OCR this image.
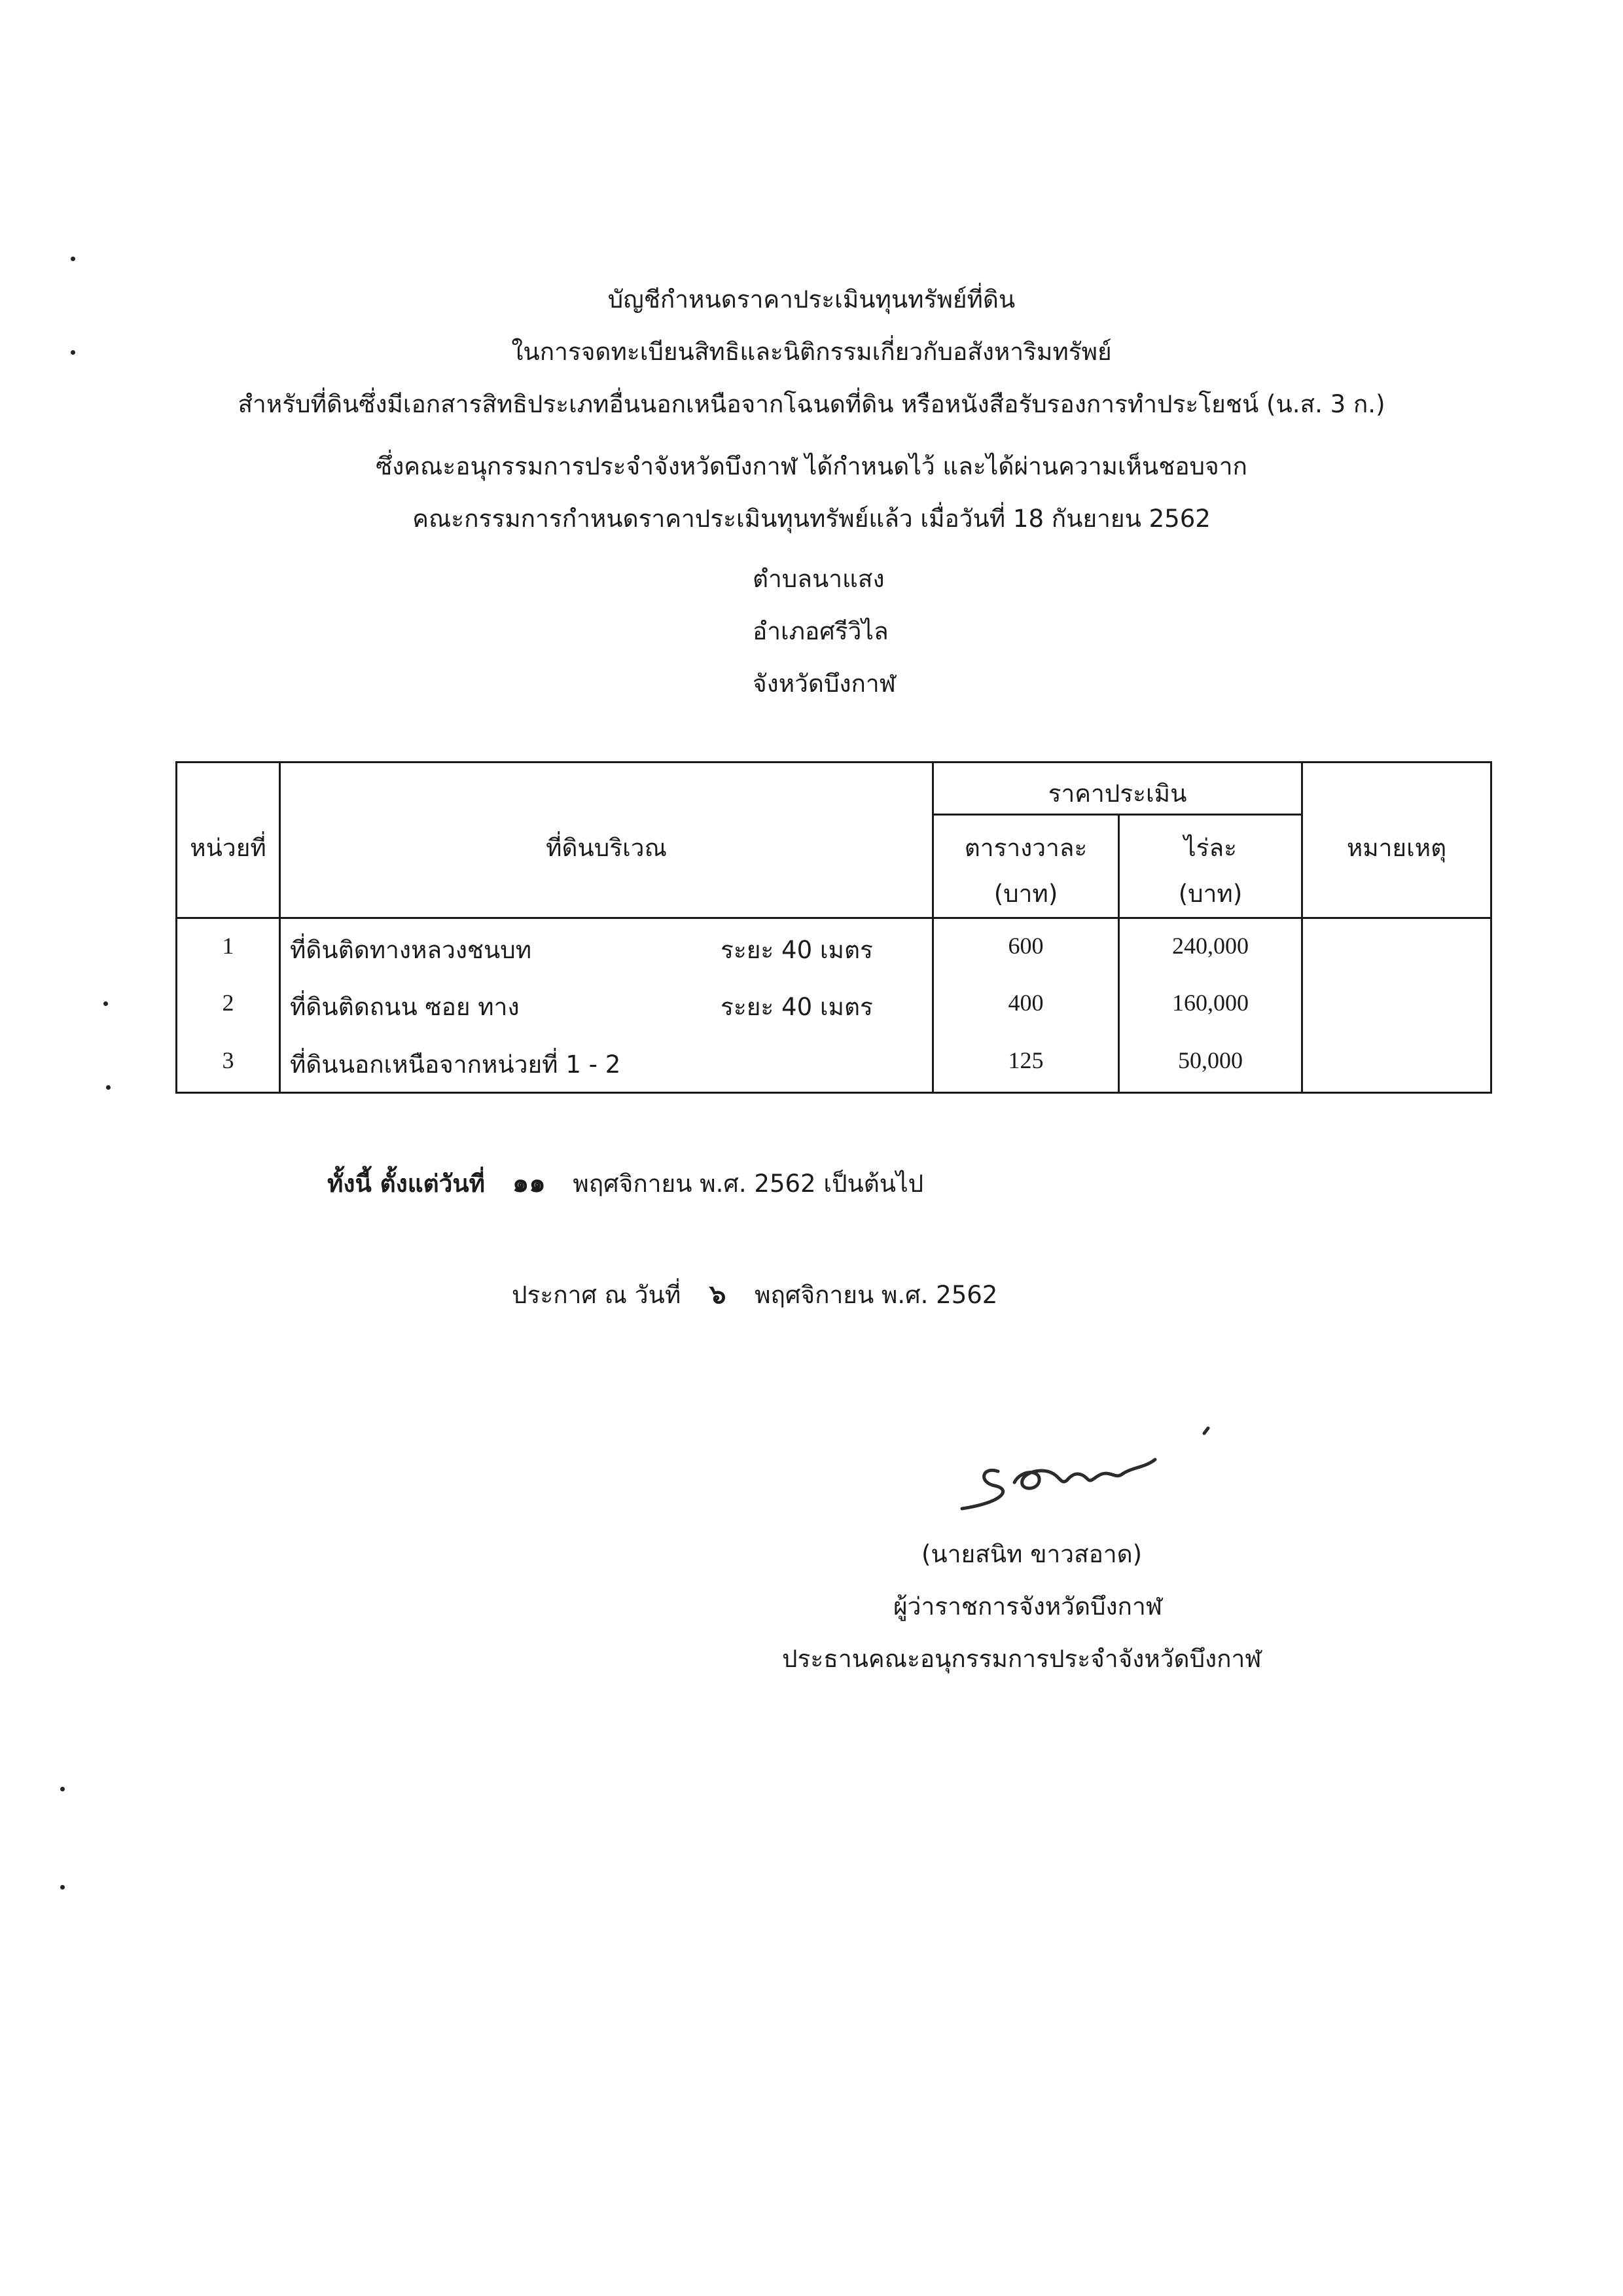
บัญชีกำหนดราคาประเมินทุนทรัพย์ที่ดิน
ในการจดทะเบียนสิทธิและนิติกรรมเกี่ยวกับอสังหาริมทรัพย์
สำหรับที่ดินซึ่งมีเอกสารสิทธิประเภทอื่นนอกเหนือจากโฉนดที่ดิน หรือหนังสือรับรองการทำประโยชน์ (น.ส. 3 ก.)
ซึ่งคณะอนุกรรมการประจำจังหวัดบึงกาฬ ได้กำหนดไว้ และได้ผ่านความเห็นชอบจาก
คณะกรรมการกำหนดราคาประเมินทุนทรัพย์แล้ว เมื่อวันที่ 18 กันยายน 2562
ตำบลนาแสง
อำเภอศรีวิไล
จังหวัดบึงกาฬ
หน่วยที่	ที่ดินบริเวณ
ราคาประเมิน
ตารางวาละ	ไร่ละ
(บาท)	(บาท)
หมายเหตุ
1	ที่ดินติดทางหลวงชนบท	ระยะ 40 เมตร	600	240,000
2	ที่ดินติดถนน ซอย ทาง	ระยะ 40 เมตร	400	160,000
3	ที่ดินนอกเหนือจากหน่วยที่ 1 - 2	125	50,000
ทั้งนี้ ตั้งแต่วันที่ ๑๑ พฤศจิกายน พ.ศ. 2562 เป็นต้นไป
ประกาศ ณ วันที่ ๖ พฤศจิกายน พ.ศ. 2562
(นายสนิท ขาวสอาด)
ผู้ว่าราชการจังหวัดบึงกาฬ
ประธานคณะอนุกรรมการประจำจังหวัดบึงกาฬ
